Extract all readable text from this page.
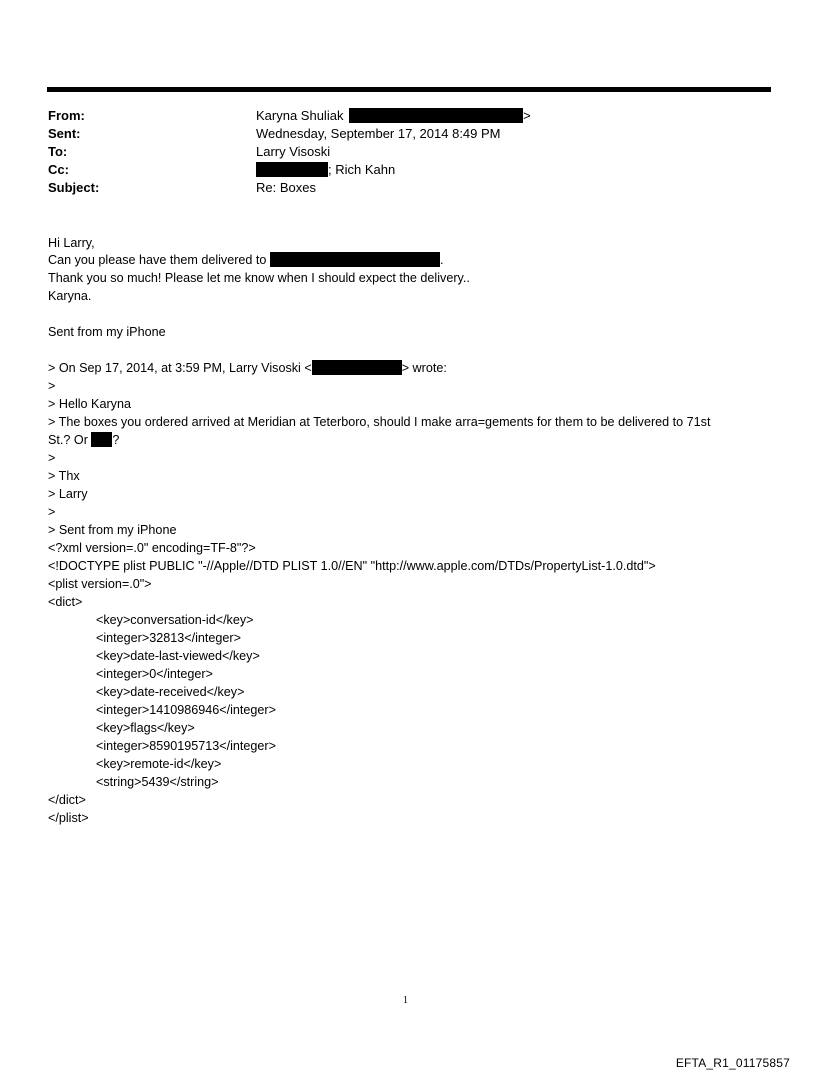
From:	Karyna Shuliak	>
Sent:	Wednesday, September 17, 2014 8:49 PM
To:	Larry Visoski
Cc:	; Rich Kahn
Subject:	Re: Boxes
Hi Larry,
Can you please have them delivered to	.
Thank you so much! Please let me know when I should expect the delivery..
Karyna.
Sent from my iPhone
> On Sep 17, 2014, at 3:59 PM, Larry Visoski <	> wrote:
>
> Hello Karyna
> The boxes you ordered arrived at Meridian at Teterboro, should I make arra=gements for them to be delivered to 71st
St.? Or ?
>
> Thx
> Larry
>
> Sent from my iPhone
<?xml version=.0" encoding=TF-8"?>
<!DOCTYPE plist PUBLIC "-//Apple//DTD PLIST 1.0//EN" "http://www.apple.com/DTDs/PropertyList-1.0.dtd">
<plist version=.0">
<dict>
<key>conversation-id</key>
<integer>32813</integer>
<key>date-last-viewed</key>
<integer>0</integer>
<key>date-received</key>
<integer>1410986946</integer>
<key>flags</key>
<integer>8590195713</integer>
<key>remote-id</key>
<string>5439</string>
</dict>
</plist>
1
EFTA_R1_01175857
